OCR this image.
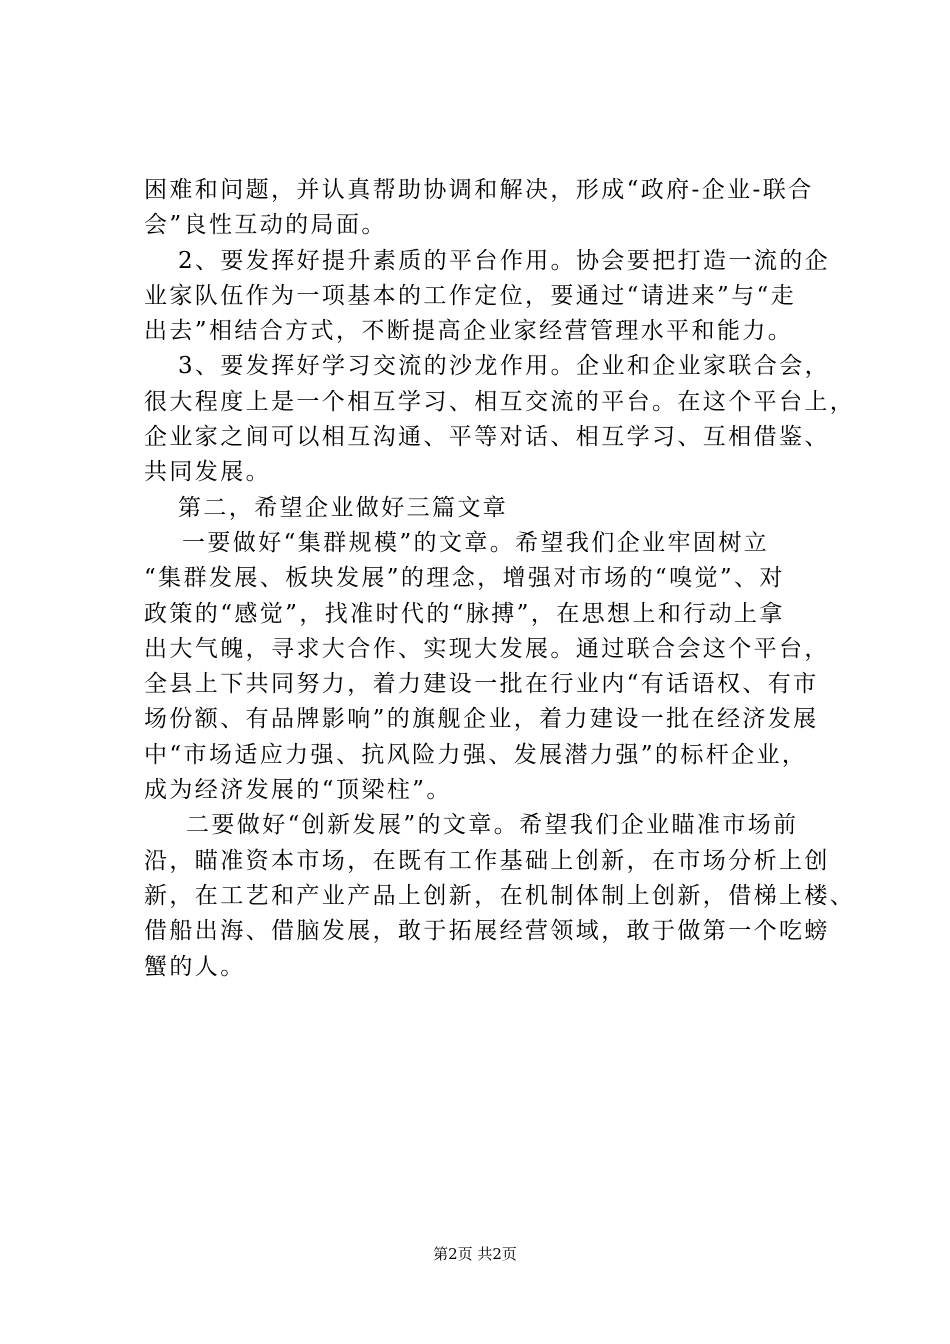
困难和问题，并认真帮助协调和解决，形成“政府-企业-联合
会”良性互动的局面。
2、要发挥好提升素质的平台作用。协会要把打造一流的企
业家队伍作为一项基本的工作定位，要通过“请进来”与“走
出去”相结合方式，不断提高企业家经营管理水平和能力。
3、要发挥好学习交流的沙龙作用。企业和企业家联合会，
很大程度上是一个相互学习、相互交流的平台。在这个平台上，
企业家之间可以相互沟通、平等对话、相互学习、互相借鉴、
共同发展。
第二，希望企业做好三篇文章
一要做好“集群规模”的文章。希望我们企业牢固树立
“集群发展、板块发展”的理念，增强对市场的“嗅觉”、对
政策的“感觉”，找准时代的“脉搏”，在思想上和行动上拿
出大气魄，寻求大合作、实现大发展。通过联合会这个平台，
全县上下共同努力，着力建设一批在行业内“有话语权、有市
场份额、有品牌影响”的旗舰企业，着力建设一批在经济发展
中“市场适应力强、抗风险力强、发展潜力强”的标杆企业，
成为经济发展的“顶梁柱”。
二要做好“创新发展”的文章。希望我们企业瞄准市场前
沿，瞄准资本市场，在既有工作基础上创新，在市场分析上创
新，在工艺和产业产品上创新，在机制体制上创新，借梯上楼、
借船出海、借脑发展，敢于拓展经营领域，敢于做第一个吃螃
蟹的人。
第2页 共2页
